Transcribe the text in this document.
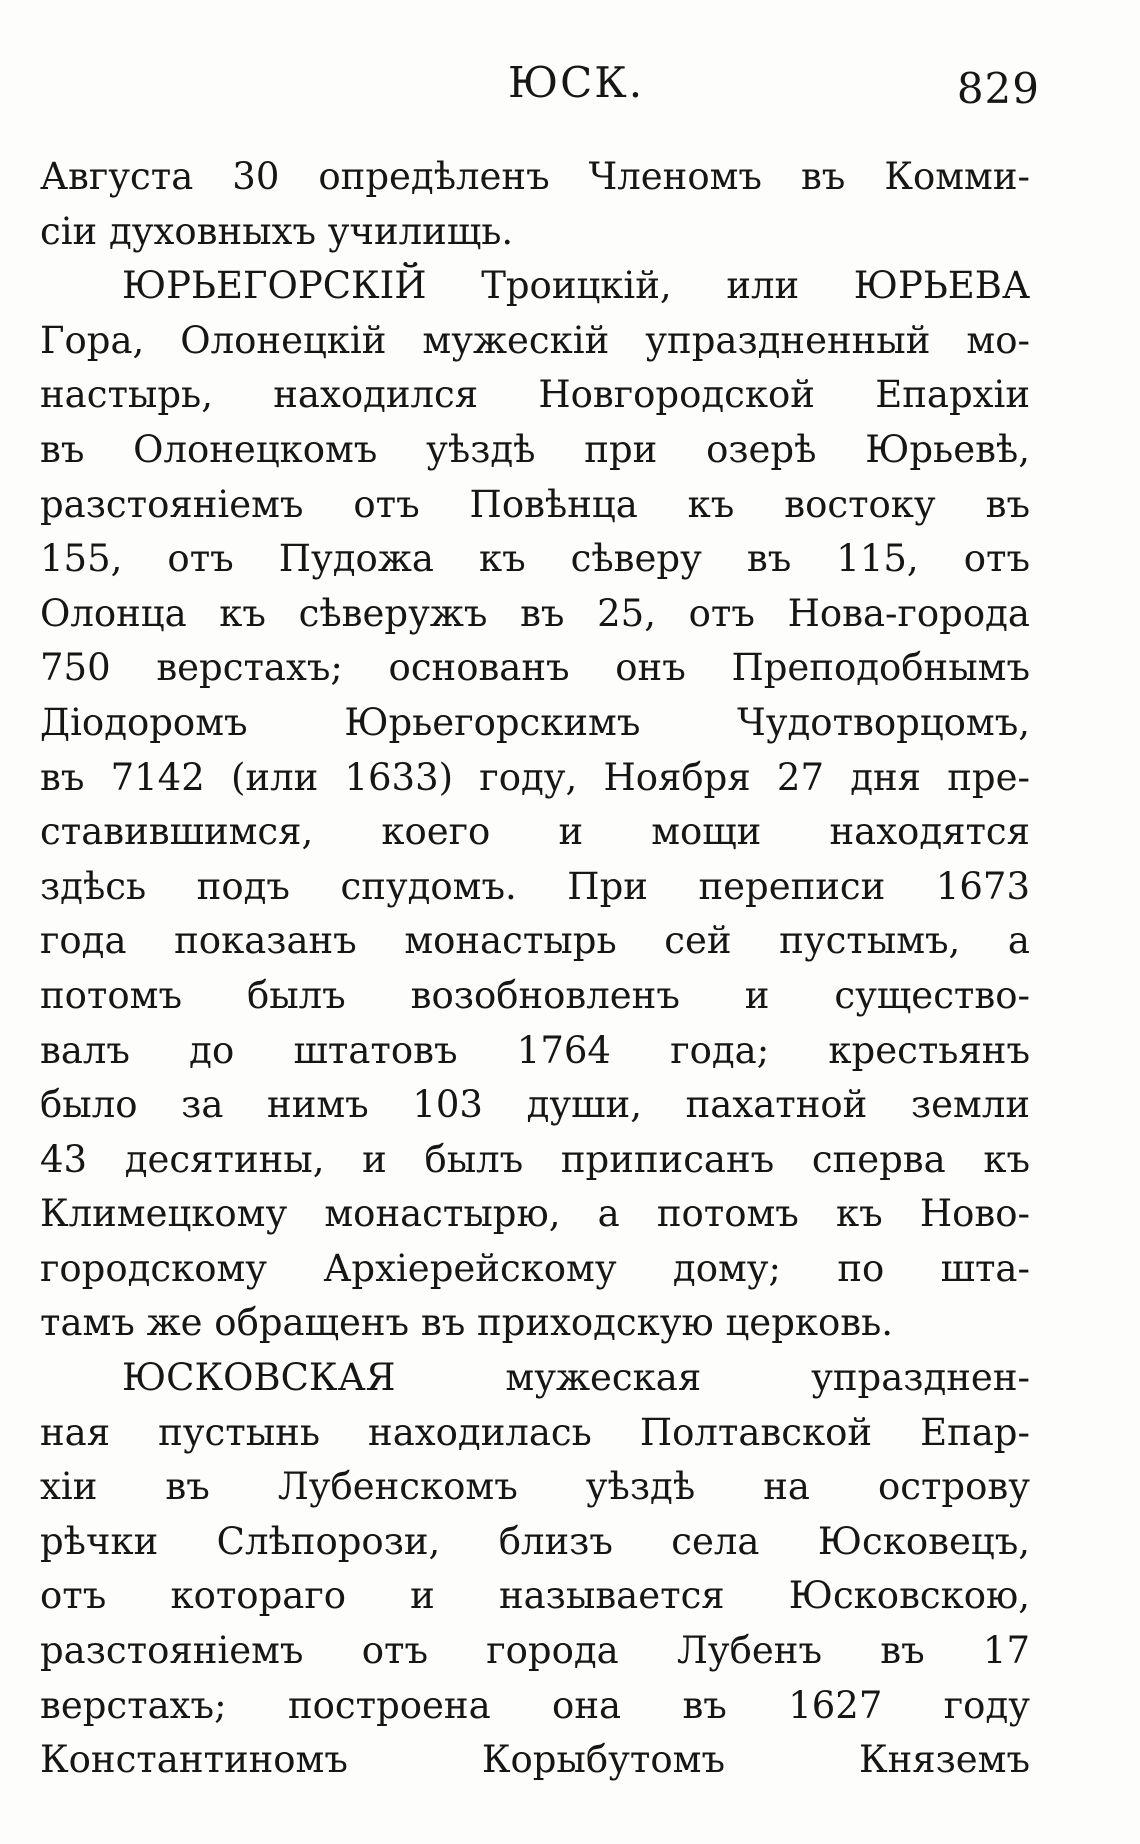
ЮСК.	829
Августа 30 опредѣленъ Членомъ въ Комми-
сіи духовныхъ училищь.
ЮРЬЕГОРСКІЙ Троицкій, или ЮРЬЕВА
Гора, Олонецкій мужескій упраздненный мо-
настырь, находился Новгородской Епархіи
въ Олонецкомъ уѣздѣ при озерѣ Юрьевѣ,
разстояніемъ отъ Повѣнца къ востоку въ
155, отъ Пудожа къ сѣверу въ 115, отъ
Олонца къ сѣверужъ въ 25, отъ Нова-города
750 верстахъ; основанъ онъ Преподобнымъ
Діодоромъ Юрьегорскимъ Чудотворцомъ,
въ 7142 (или 1633) году, Ноября 27 дня пре-
ставившимся, коего и мощи находятся
здѣсь подъ спудомъ. При переписи 1673
года показанъ монастырь сей пустымъ, а
потомъ былъ возобновленъ и существо-
валъ до штатовъ 1764 года; крестьянъ
было за нимъ 103 души, пахатной земли
43 десятины, и былъ приписанъ сперва къ
Климецкому монастырю, а потомъ къ Ново-
городскому Архіерейскому дому; по шта-
тамъ же обращенъ въ приходскую церковь.
ЮСКОВСКАЯ мужеская упразднен-
ная пустынь находилась Полтавской Епар-
хіи въ Лубенскомъ уѣздѣ на острову
рѣчки Слѣпорози, близъ села Юсковецъ,
отъ котораго и называется Юсковскою,
разстояніемъ отъ города Лубенъ въ 17
верстахъ; построена она въ 1627 году
Константиномъ Корыбутомъ Княземъ
